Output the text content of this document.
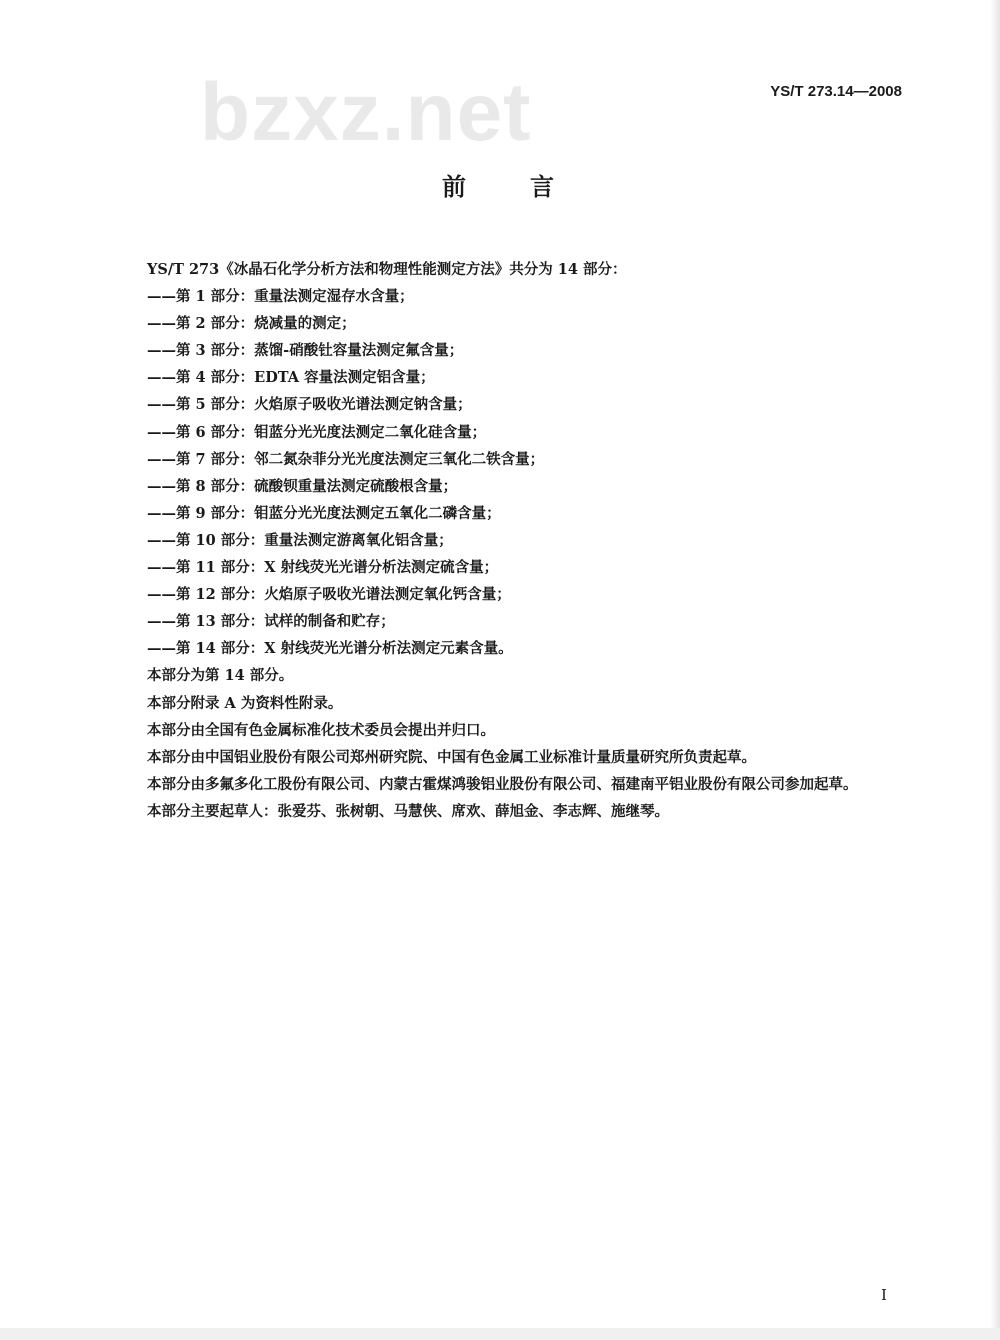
bzxz.net	YS/T 273.14—2008
前　言

YS/T 273《冰晶石化学分析方法和物理性能测定方法》共分为 14 部分：

——第 1 部分：重量法测定湿存水含量；

——第 2 部分：烧减量的测定；

——第 3 部分：蒸馏-硝酸钍容量法测定氟含量；

——第 4 部分：EDTA 容量法测定铝含量；

——第 5 部分：火焰原子吸收光谱法测定钠含量；

——第 6 部分：钼蓝分光光度法测定二氧化硅含量；

——第 7 部分：邻二氮杂菲分光光度法测定三氧化二铁含量；

——第 8 部分：硫酸钡重量法测定硫酸根含量；

——第 9 部分：钼蓝分光光度法测定五氧化二磷含量；

——第 10 部分：重量法测定游离氧化铝含量；

——第 11 部分：X 射线荧光光谱分析法测定硫含量；

——第 12 部分：火焰原子吸收光谱法测定氧化钙含量；

——第 13 部分：试样的制备和贮存；

——第 14 部分：X 射线荧光光谱分析法测定元素含量。

本部分为第 14 部分。

本部分附录 A 为资料性附录。

本部分由全国有色金属标准化技术委员会提出并归口。

本部分由中国铝业股份有限公司郑州研究院、中国有色金属工业标准计量质量研究所负责起草。

本部分由多氟多化工股份有限公司、内蒙古霍煤鸿骏铝业股份有限公司、福建南平铝业股份有限公司参加起草。

本部分主要起草人：张爱芬、张树朝、马慧侠、席欢、薛旭金、李志辉、施继琴。

I
